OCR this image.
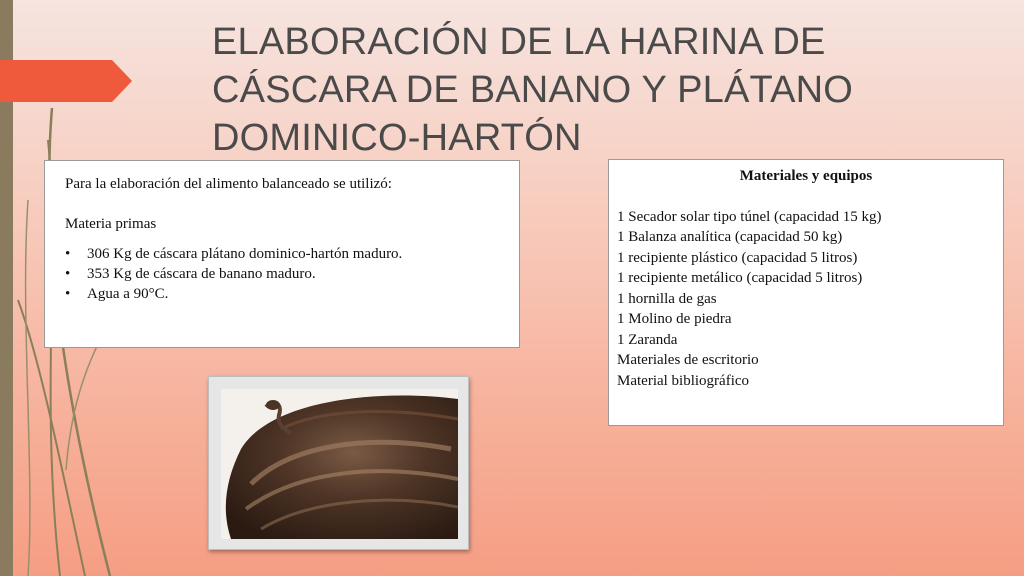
ELABORACIÓN DE LA HARINA DE
CÁSCARA DE BANANO Y PLÁTANO
DOMINICO-HARTÓN

Para la elaboración del alimento balanceado se utilizó:

Materia primas

• 306 Kg de cáscara plátano dominico-hartón maduro.
• 353 Kg de cáscara de banano maduro.
• Agua a 90°C.
Materiales y equipos
1 Secador solar tipo túnel (capacidad 15 kg)
1 Balanza analítica (capacidad 50 kg)
1 recipiente plástico (capacidad 5 litros)
1 recipiente metálico (capacidad 5 litros)
1 hornilla de gas
1 Molino de piedra
1 Zaranda
Materiales de escritorio
Material bibliográfico
